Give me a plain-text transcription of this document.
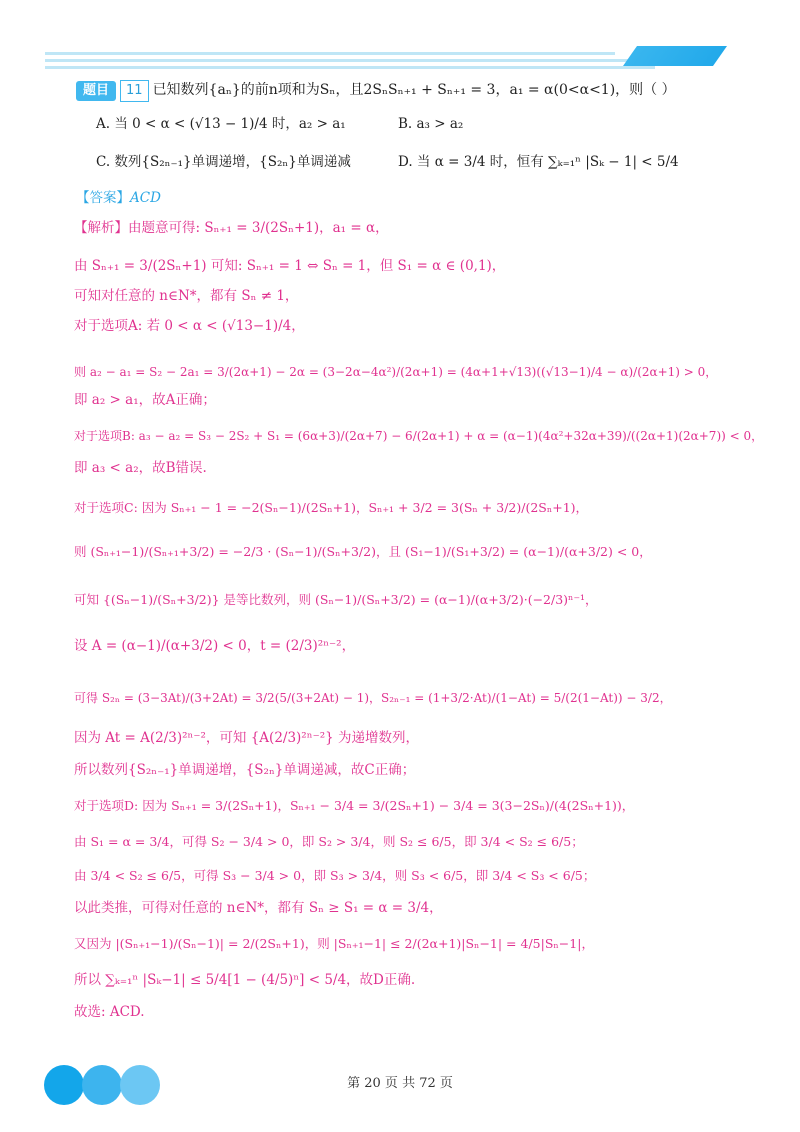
题目 11 已知数列{aₙ}的前n项和为Sₙ，且2SₙSₙ₊₁ + Sₙ₊₁ = 3，a₁ = α(0<α<1)，则（ ）
A. 当 0 < α < (√13 − 1)/4 时，a₂ > a₁	B. a₃ > a₂
C. 数列{S₂ₙ₋₁}单调递增，{S₂ₙ}单调递减	D. 当 α = 3/4 时，恒有 ∑ₖ₌₁ⁿ |Sₖ − 1| < 5/4
【答案】ACD
【解析】由题意可得: Sₙ₊₁ = 3/(2Sₙ+1)，a₁ = α，
由 Sₙ₊₁ = 3/(2Sₙ+1) 可知: Sₙ₊₁ = 1 ⇔ Sₙ = 1，但 S₁ = α ∈ (0,1)，
可知对任意的 n∈N*，都有 Sₙ ≠ 1，
对于选项A: 若 0 < α < (√13−1)/4，
则 a₂ − a₁ = S₂ − 2a₁ = 3/(2α+1) − 2α = (3−2α−4α²)/(2α+1) = (4α+1+√13)((√13−1)/4 − α)/(2α+1) > 0，
即 a₂ > a₁，故A正确；
对于选项B: a₃ − a₂ = S₃ − 2S₂ + S₁ = (6α+3)/(2α+7) − 6/(2α+1) + α = (α−1)(4α²+32α+39)/((2α+1)(2α+7)) < 0，
即 a₃ < a₂，故B错误.
对于选项C: 因为 Sₙ₊₁ − 1 = −2(Sₙ−1)/(2Sₙ+1)，Sₙ₊₁ + 3/2 = 3(Sₙ + 3/2)/(2Sₙ+1)，
则 (Sₙ₊₁−1)/(Sₙ₊₁+3/2) = −2/3 · (Sₙ−1)/(Sₙ+3/2)，且 (S₁−1)/(S₁+3/2) = (α−1)/(α+3/2) < 0，
可知 {(Sₙ−1)/(Sₙ+3/2)} 是等比数列，则 (Sₙ−1)/(Sₙ+3/2) = (α−1)/(α+3/2)·(−2/3)ⁿ⁻¹，
设 A = (α−1)/(α+3/2) < 0，t = (2/3)²ⁿ⁻²，
可得 S₂ₙ = (3−3At)/(3+2At) = 3/2(5/(3+2At) − 1)，S₂ₙ₋₁ = (1+3/2·At)/(1−At) = 5/(2(1−At)) − 3/2，
因为 At = A(2/3)²ⁿ⁻²，可知 {A(2/3)²ⁿ⁻²} 为递增数列，
所以数列{S₂ₙ₋₁}单调递增，{S₂ₙ}单调递减，故C正确；
对于选项D: 因为 Sₙ₊₁ = 3/(2Sₙ+1)，Sₙ₊₁ − 3/4 = 3/(2Sₙ+1) − 3/4 = 3(3−2Sₙ)/(4(2Sₙ+1))，
由 S₁ = α = 3/4，可得 S₂ − 3/4 > 0，即 S₂ > 3/4，则 S₂ ≤ 6/5，即 3/4 < S₂ ≤ 6/5；
由 3/4 < S₂ ≤ 6/5，可得 S₃ − 3/4 > 0，即 S₃ > 3/4，则 S₃ < 6/5，即 3/4 < S₃ < 6/5；
以此类推，可得对任意的 n∈N*，都有 Sₙ ≥ S₁ = α = 3/4，
又因为 |(Sₙ₊₁−1)/(Sₙ−1)| = 2/(2Sₙ+1)，则 |Sₙ₊₁−1| ≤ 2/(2α+1)|Sₙ−1| = 4/5|Sₙ−1|，
所以 ∑ₖ₌₁ⁿ |Sₖ−1| ≤ 5/4[1 − (4/5)ⁿ] < 5/4，故D正确.
故选: ACD.
第 20 页 共 72 页
